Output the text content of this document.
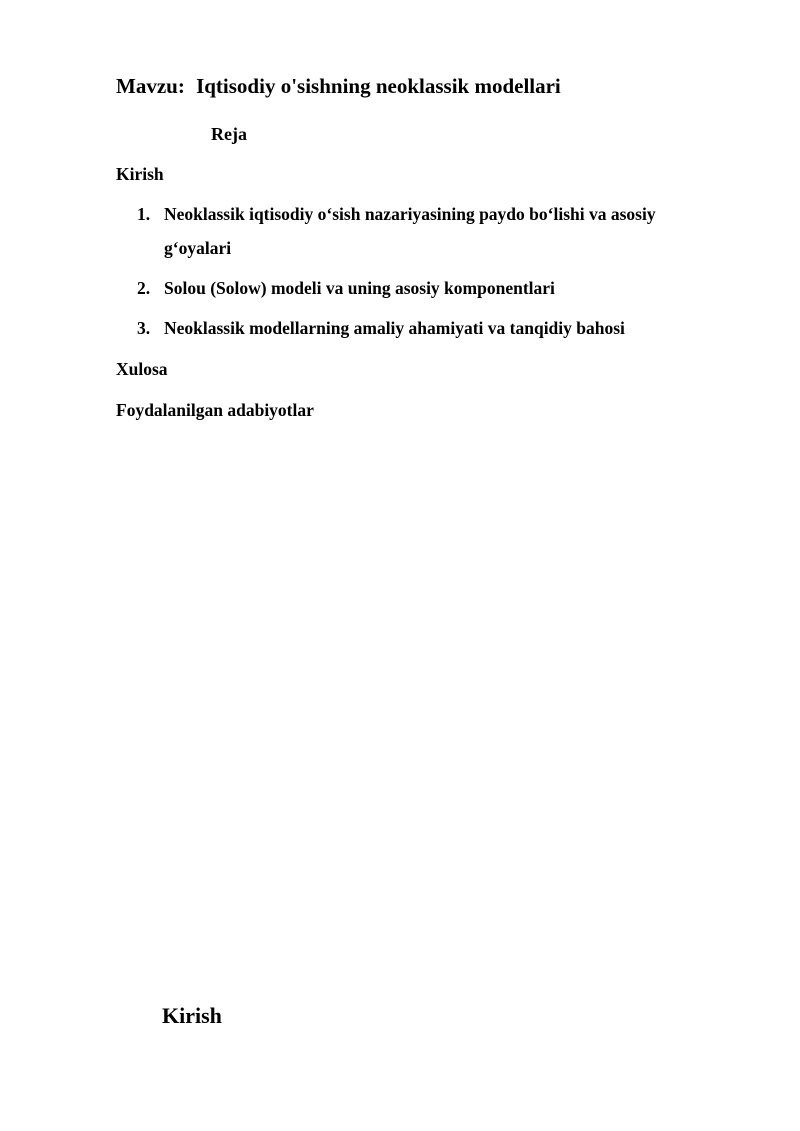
Mavzu: Iqtisodiy o'sishning neoklassik modellari
Reja
Kirish
1. Neoklassik iqtisodiy o‘sish nazariyasining paydo bo‘lishi va asosiy g‘oyalari
2. Solou (Solow) modeli va uning asosiy komponentlari
3. Neoklassik modellarning amaliy ahamiyati va tanqidiy bahosi
Xulosa
Foydalanilgan adabiyotlar
Kirish
